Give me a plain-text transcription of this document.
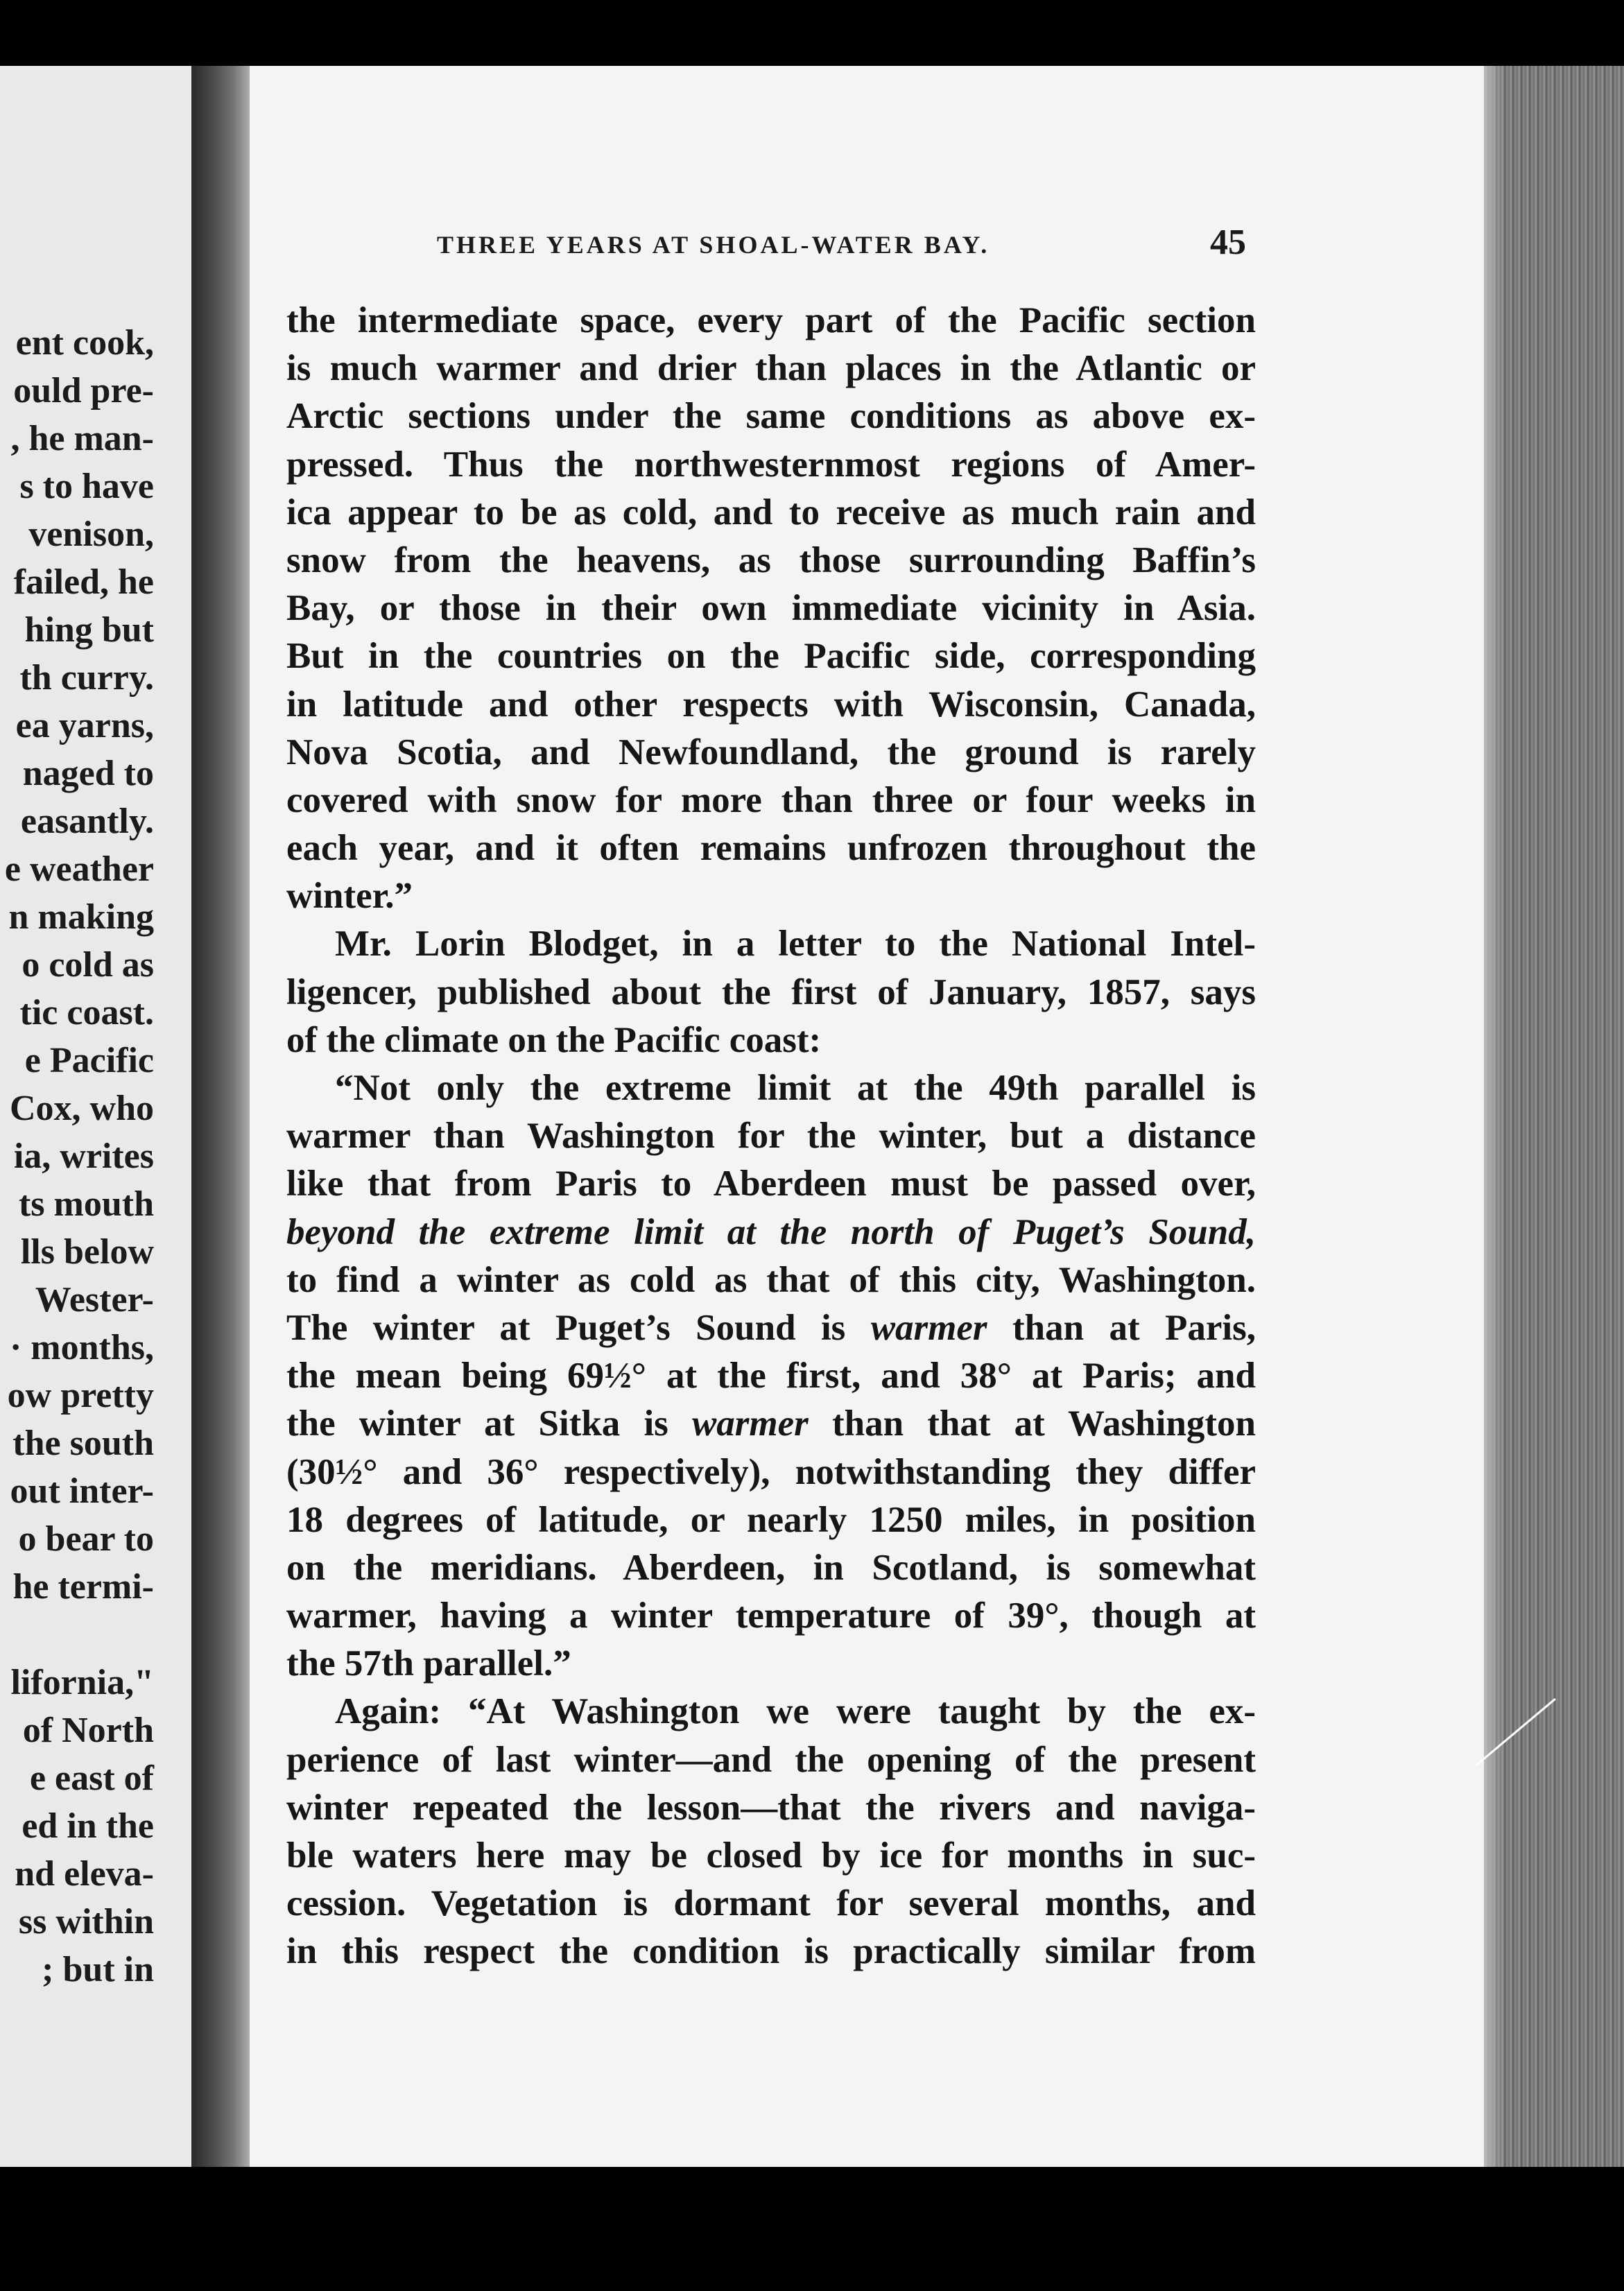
ent cook,
ould pre-
, he man-
s to have
venison,
failed, he
hing but
th curry.
ea yarns,
naged to
easantly.
e weather
n making
o cold as
tic coast.
e Pacific
Cox, who
ia, writes
ts mouth
lls below
Wester-
· months,
ow pretty
the south
out inter-
o bear to
he termi-
lifornia,"
of North
e east of
ed in the
nd eleva-
ss within
; but in
THREE YEARS AT SHOAL-WATER BAY.	45
the intermediate space, every part of the Pacific section
is much warmer and drier than places in the Atlantic or
Arctic sections under the same conditions as above ex-
pressed. Thus the northwesternmost regions of Amer-
ica appear to be as cold, and to receive as much rain and
snow from the heavens, as those surrounding Baffin’s
Bay, or those in their own immediate vicinity in Asia.
But in the countries on the Pacific side, corresponding
in latitude and other respects with Wisconsin, Canada,
Nova Scotia, and Newfoundland, the ground is rarely
covered with snow for more than three or four weeks in
each year, and it often remains unfrozen throughout the
winter.”
Mr. Lorin Blodget, in a letter to the National Intel-
ligencer, published about the first of January, 1857, says
of the climate on the Pacific coast:
“Not only the extreme limit at the 49th parallel is
warmer than Washington for the winter, but a distance
like that from Paris to Aberdeen must be passed over,
beyond the extreme limit at the north of Puget’s Sound,
to find a winter as cold as that of this city, Washington.
The winter at Puget’s Sound is warmer than at Paris,
the mean being 69½° at the first, and 38° at Paris; and
the winter at Sitka is warmer than that at Washington
(30½° and 36° respectively), notwithstanding they differ
18 degrees of latitude, or nearly 1250 miles, in position
on the meridians. Aberdeen, in Scotland, is somewhat
warmer, having a winter temperature of 39°, though at
the 57th parallel.”
Again: “At Washington we were taught by the ex-
perience of last winter—and the opening of the present
winter repeated the lesson—that the rivers and naviga-
ble waters here may be closed by ice for months in suc-
cession. Vegetation is dormant for several months, and
in this respect the condition is practically similar from
